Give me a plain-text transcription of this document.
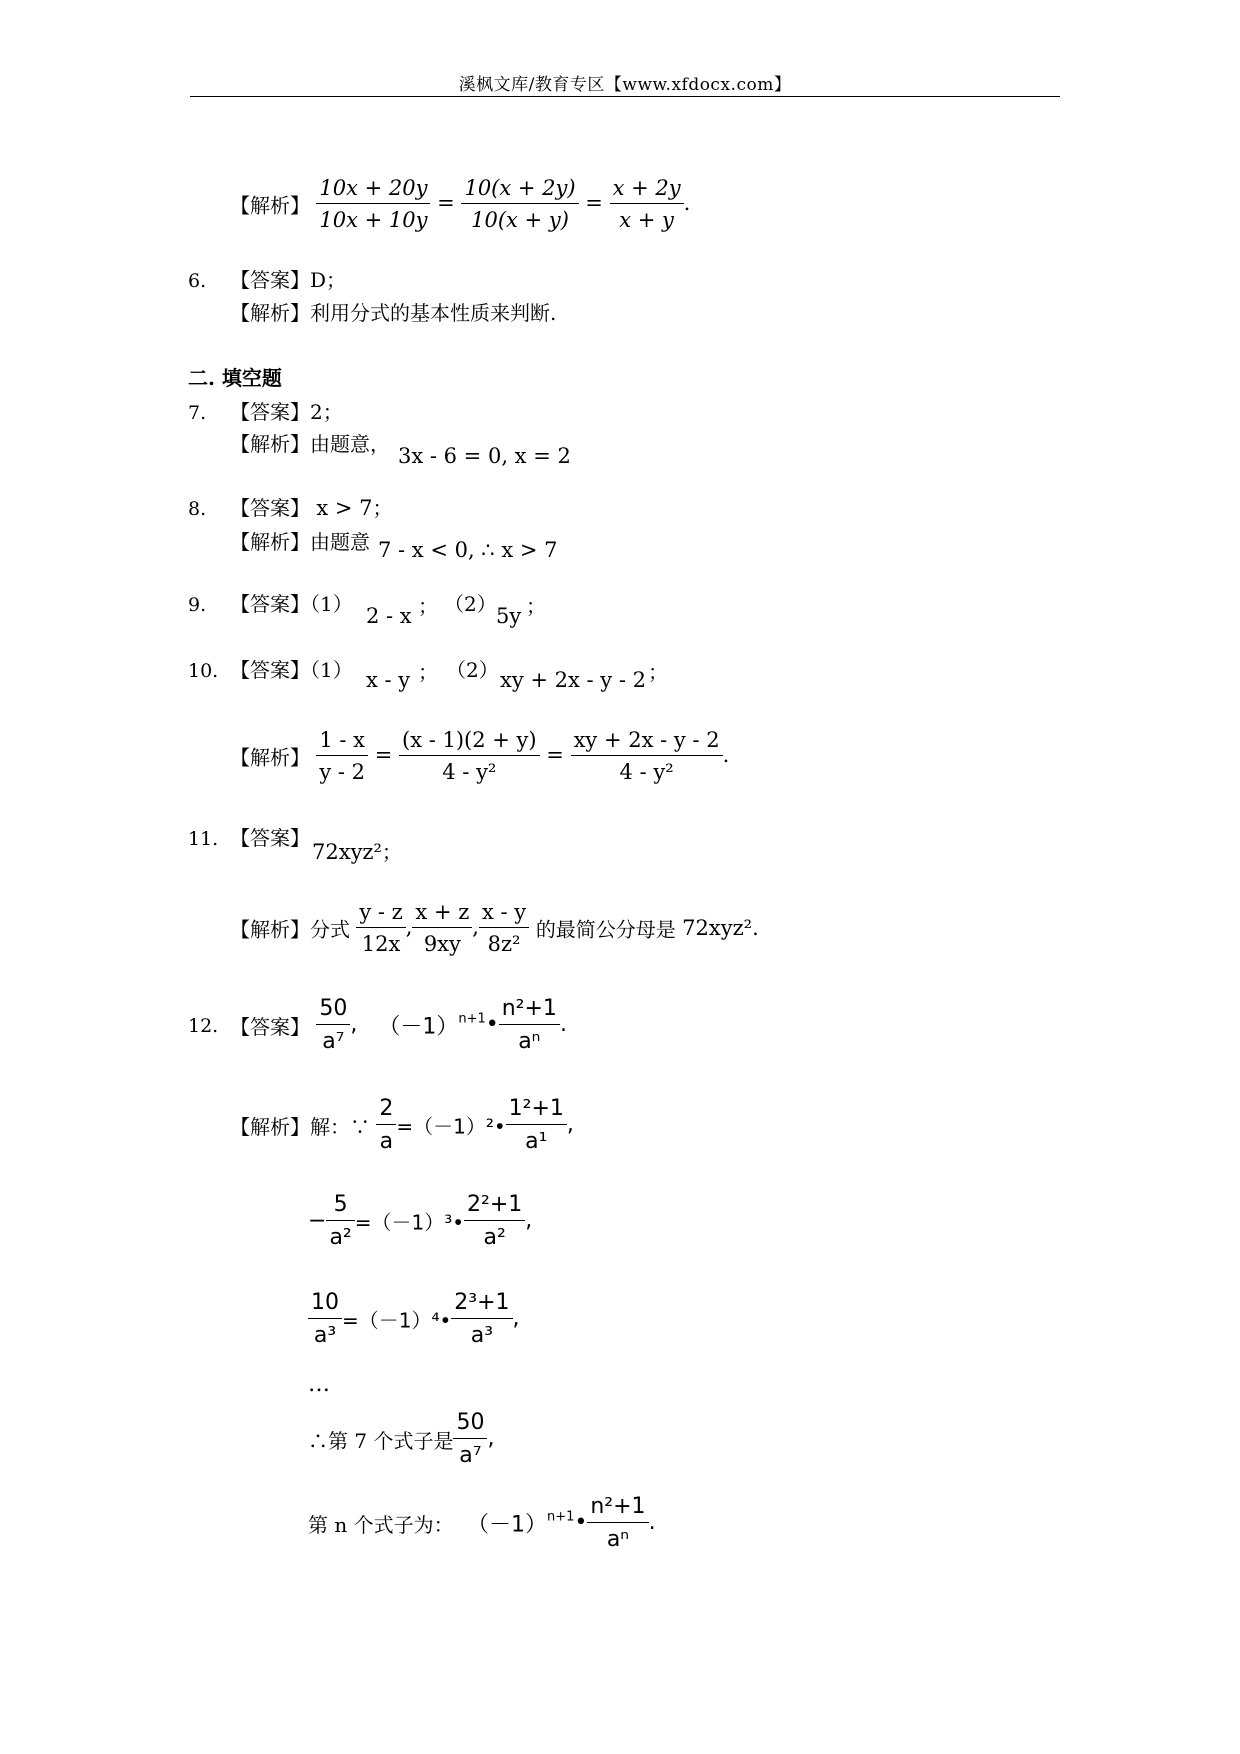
溪枫文库/教育专区【www.xfdocx.com】
【解析】 $\frac{10x + 20y}{10x + 10y} = \frac{10(x + 2y)}{10(x + y)} = \frac{x + 2y}{x + y}$ .
6. 【答案】D；
【解析】利用分式的基本性质来判断.
二. 填空题
7. 【答案】2；
【解析】由题意， 3x - 6 = 0, x = 2
8. 【答案】 x > 7；
【解析】由题意 7 - x < 0, ∴ x > 7
9. 【答案】（1） 2 - x ； （2） 5y ；
10. 【答案】（1） x - y ； （2） xy + 2x - y - 2 ；
【解析】 $\frac{1 - x}{y - 2} = \frac{(x - 1)(2 + y)}{\text{4 - y²}} = \frac{xy + 2x - y - 2}{\text{4 - y²}}$ .
11. 【答案】
72xyz²；
【解析】分式 $\frac{y - z}{12x}$ , $\frac{x + z}{9xy}$ , $\frac{x - y}{\text{8z²}}$ 的最简公分母是 72xyz².
12. 【答案】 $\frac{50}{\text{a⁷}}$ ,   $(-1)^{n+1}• \frac{\text{n²+1}}{\text{aⁿ}}$ .
【解析】解：∵ $\frac{2}{a}$ =（－1）²• $\frac{\text{1²+1}}{\text{a¹}}$ ,
− $\frac{5}{\text{a²}}$ =（－1）³• $\frac{\text{2²+1}}{\text{a²}}$ ,
$\frac{10}{\text{a³}}$ =（－1）⁴• $\frac{\text{2³+1}}{\text{a³}}$ ,
…
∴第 7 个式子是 $\frac{50}{\text{a⁷}}$ ,
第 n 个式子为： $(-1)^{n+1}• \frac{\text{n²+1}}{\text{aⁿ}}$ .
